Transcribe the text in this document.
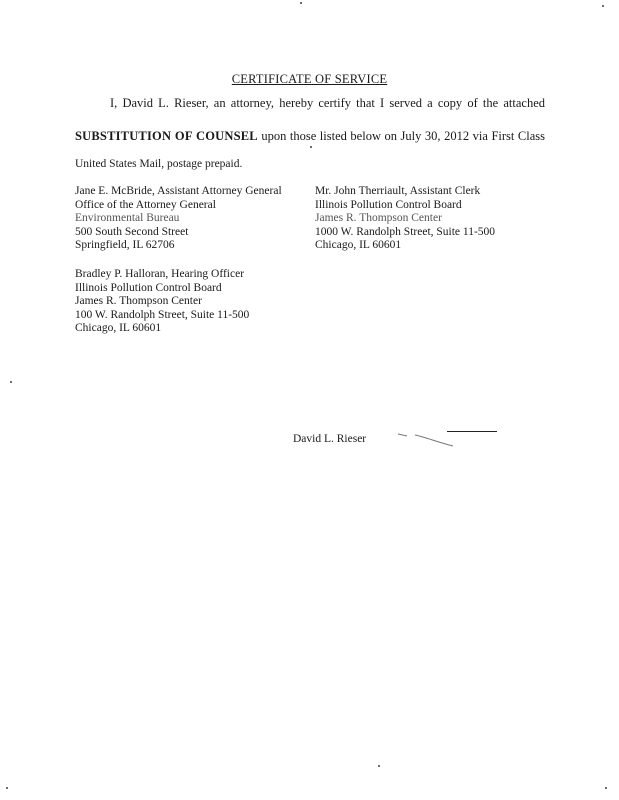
CERTIFICATE OF SERVICE
I, David L. Rieser, an attorney, hereby certify that I served a copy of the attached
SUBSTITUTION OF COUNSEL upon those listed below on July 30, 2012 via First Class
United States Mail, postage prepaid.
Jane E. McBride, Assistant Attorney General
Office of the Attorney General
Environmental Bureau
500 South Second Street
Springfield, IL 62706
Mr. John Therriault, Assistant Clerk
Illinois Pollution Control Board
James R. Thompson Center
1000 W. Randolph Street, Suite 11-500
Chicago, IL 60601
Bradley P. Halloran, Hearing Officer
Illinois Pollution Control Board
James R. Thompson Center
100 W. Randolph Street, Suite 11-500
Chicago, IL 60601
David L. Rieser
